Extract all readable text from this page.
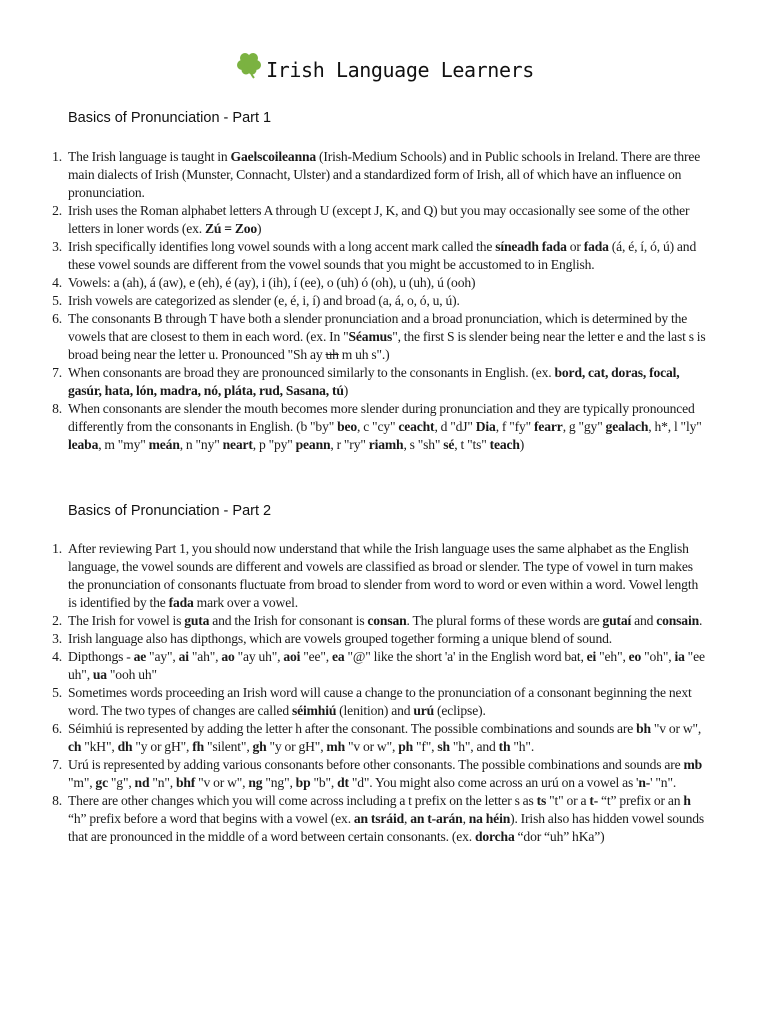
Irish Language Learners
Basics of Pronunciation - Part 1
1. The Irish language is taught in Gaelscoileanna (Irish-Medium Schools) and in Public schools in Ireland. There are three main dialects of Irish (Munster, Connacht, Ulster) and a standardized form of Irish, all of which have an influence on pronunciation.
2. Irish uses the Roman alphabet letters A through U (except J, K, and Q) but you may occasionally see some of the other letters in loner words (ex. Zú = Zoo)
3. Irish specifically identifies long vowel sounds with a long accent mark called the síneadh fada or fada (á, é, í, ó, ú) and these vowel sounds are different from the vowel sounds that you might be accustomed to in English.
4. Vowels: a (ah), á (aw), e (eh), é (ay), i (ih), í (ee), o (uh) ó (oh), u (uh), ú (ooh)
5. Irish vowels are categorized as slender (e, é, i, í) and broad (a, á, o, ó, u, ú).
6. The consonants B through T have both a slender pronunciation and a broad pronunciation, which is determined by the vowels that are closest to them in each word. (ex. In "Séamus", the first S is slender being near the letter e and the last s is broad being near the letter u. Pronounced "Sh ay uh m uh s".)
7. When consonants are broad they are pronounced similarly to the consonants in English. (ex. bord, cat, doras, focal, gasúr, hata, lón, madra, nó, pláta, rud, Sasana, tú)
8. When consonants are slender the mouth becomes more slender during pronunciation and they are typically pronounced differently from the consonants in English. (b "by" beo, c "cy" ceacht, d "dJ" Dia, f "fy" fearr, g "gy" gealach, h*, l "ly" leaba, m "my" meán, n "ny" neart, p "py" peann, r "ry" riamh, s "sh" sé, t "ts" teach)
Basics of Pronunciation - Part 2
1. After reviewing Part 1, you should now understand that while the Irish language uses the same alphabet as the English language, the vowel sounds are different and vowels are classified as broad or slender. The type of vowel in turn makes the pronunciation of consonants fluctuate from broad to slender from word to word or even within a word. Vowel length is identified by the fada mark over a vowel.
2. The Irish for vowel is guta and the Irish for consonant is consan. The plural forms of these words are gutaí and consain.
3. Irish language also has dipthongs, which are vowels grouped together forming a unique blend of sound.
4. Dipthongs - ae "ay", ai "ah", ao "ay uh", aoi "ee", ea "@" like the short 'a' in the English word bat, ei "eh", eo "oh", ia "ee uh", ua "ooh uh"
5. Sometimes words proceeding an Irish word will cause a change to the pronunciation of a consonant beginning the next word. The two types of changes are called séimhiú (lenition) and urú (eclipse).
6. Séimhiú is represented by adding the letter h after the consonant. The possible combinations and sounds are bh "v or w", ch "kH", dh "y or gH", fh "silent", gh "y or gH", mh "v or w", ph "f", sh "h", and th "h".
7. Urú is represented by adding various consonants before other consonants. The possible combinations and sounds are mb "m", gc "g", nd "n", bhf "v or w", ng "ng", bp "b", dt "d". You might also come across an urú on a vowel as 'n-' "n".
8. There are other changes which you will come across including a t prefix on the letter s as ts "t" or a t- “t” prefix or an h “h” prefix before a word that begins with a vowel (ex. an tsráid, an t-arán, na héin). Irish also has hidden vowel sounds that are pronounced in the middle of a word between certain consonants. (ex. dorcha “dor “uh” hKa”)
